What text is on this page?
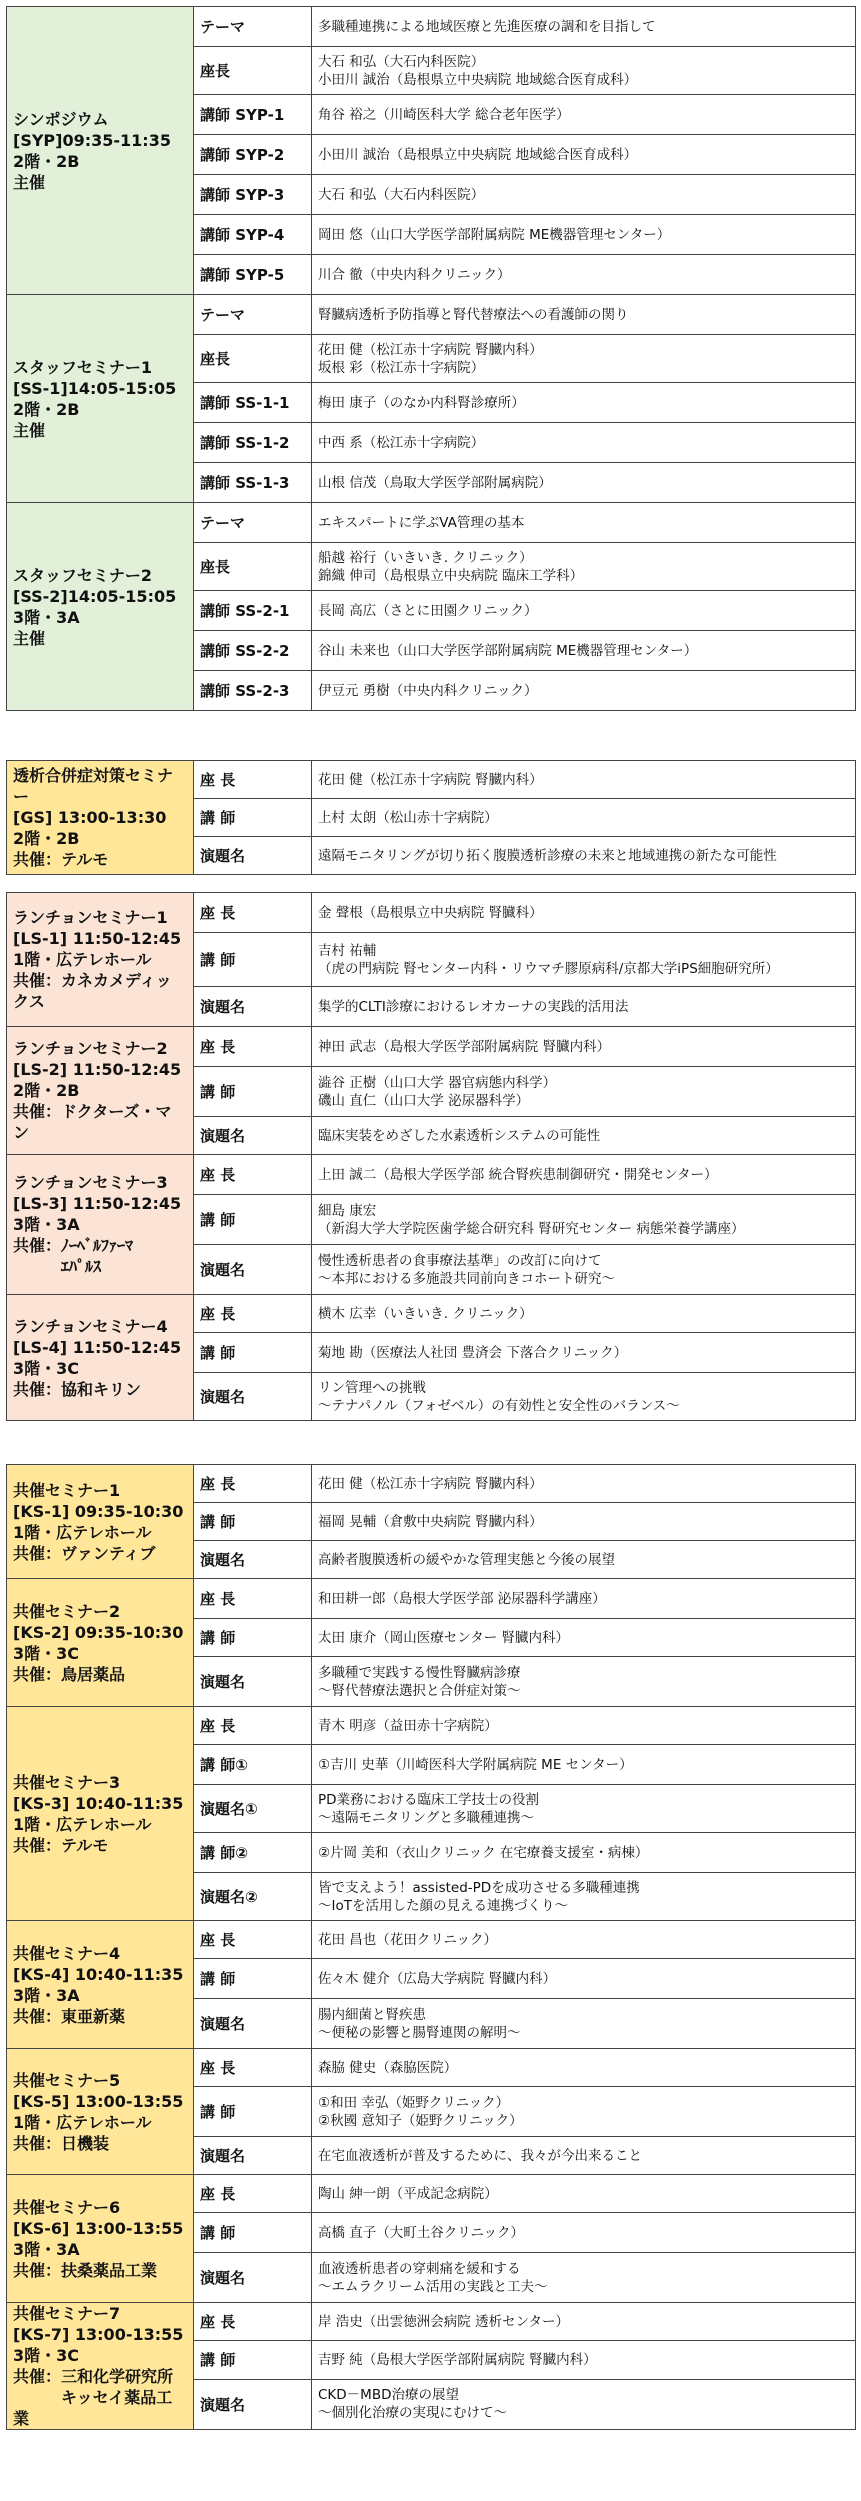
シンポジウム
[SYP]09:35-11:35
2階・2B
主催	テーマ	多職種連携による地域医療と先進医療の調和を目指して
	座長	大石 和弘（大石内科医院）
小田川 誠治（島根県立中央病院 地域総合医育成科）
	講師 SYP-1	角谷 裕之（川崎医科大学 総合老年医学）
	講師 SYP-2	小田川 誠治（島根県立中央病院 地域総合医育成科）
	講師 SYP-3	大石 和弘（大石内科医院）
	講師 SYP-4	岡田 悠（山口大学医学部附属病院 ME機器管理センター）
	講師 SYP-5	川合 徹（中央内科クリニック）
スタッフセミナー1
[SS-1]14:05-15:05
2階・2B
主催	テーマ	腎臓病透析予防指導と腎代替療法への看護師の関り
	座長	花田 健（松江赤十字病院 腎臓内科）
坂根 彩（松江赤十字病院）
	講師 SS-1-1	梅田 康子（のなか内科腎診療所）
	講師 SS-1-2	中西 系（松江赤十字病院）
	講師 SS-1-3	山根 信茂（鳥取大学医学部附属病院）
スタッフセミナー2
[SS-2]14:05-15:05
3階・3A
主催	テーマ	エキスパートに学ぶVA管理の基本
	座長	船越 裕行（いきいき. クリニック）
錦織 伸司（島根県立中央病院 臨床工学科）
	講師 SS-2-1	長岡 高広（さとに田園クリニック）
	講師 SS-2-2	谷山 未来也（山口大学医学部附属病院 ME機器管理センター）
	講師 SS-2-3	伊豆元 勇樹（中央内科クリニック）
透析合併症対策セミナー
[GS] 13:00-13:30
2階・2B
共催：テルモ	座 長	花田 健（松江赤十字病院 腎臓内科）
	講 師	上村 太朗（松山赤十字病院）
	演題名	遠隔モニタリングが切り拓く腹膜透析診療の未来と地域連携の新たな可能性
ランチョンセミナー1
[LS-1] 11:50-12:45
1階・広テレホール
共催：カネカメディックス	座 長	金 聲根（島根県立中央病院 腎臓科）
	講 師	吉村 祐輔
（虎の門病院 腎センター内科・リウマチ膠原病科/京都大学iPS細胞研究所）
	演題名	集学的CLTI診療におけるレオカーナの実践的活用法
ランチョンセミナー2
[LS-2] 11:50-12:45
2階・2B
共催：ドクターズ・マン	座 長	神田 武志（島根大学医学部附属病院 腎臓内科）
	講 師	澁谷 正樹（山口大学 器官病態内科学）
磯山 直仁（山口大学 泌尿器科学）
	演題名	臨床実装をめざした水素透析システムの可能性
ランチョンセミナー3
[LS-3] 11:50-12:45
3階・3A
共催：ﾉｰﾍﾞﾙﾌｧｰﾏ
　　　ｴﾊﾟﾙｽ	座 長	上田 誠二（島根大学医学部 統合腎疾患制御研究・開発センター）
	講 師	細島 康宏
（新潟大学大学院医歯学総合研究科 腎研究センター 病態栄養学講座）
	演題名	慢性透析患者の食事療法基準」の改訂に向けて
～本邦における多施設共同前向きコホート研究～
ランチョンセミナー4
[LS-4] 11:50-12:45
3階・3C
共催：協和キリン	座 長	横木 広幸（いきいき. クリニック）
	講 師	菊地 勘（医療法人社団 豊済会 下落合クリニック）
	演題名	リン管理への挑戦
～テナパノル（フォゼベル）の有効性と安全性のバランス～
共催セミナー1
[KS-1] 09:35-10:30
1階・広テレホール
共催：ヴァンティブ	座 長	花田 健（松江赤十字病院 腎臓内科）
	講 師	福岡 晃輔（倉敷中央病院 腎臓内科）
	演題名	高齢者腹膜透析の緩やかな管理実態と今後の展望
共催セミナー2
[KS-2] 09:35-10:30
3階・3C
共催：鳥居薬品	座 長	和田耕一郎（島根大学医学部 泌尿器科学講座）
	講 師	太田 康介（岡山医療センター 腎臓内科）
	演題名	多職種で実践する慢性腎臓病診療
～腎代替療法選択と合併症対策～
共催セミナー3
[KS-3] 10:40-11:35
1階・広テレホール
共催：テルモ	座 長	青木 明彦（益田赤十字病院）
	講 師①	①吉川 史華（川崎医科大学附属病院 ME センター）
	演題名①	PD業務における臨床工学技士の役割
～遠隔モニタリングと多職種連携～
	講 師②	②片岡 美和（衣山クリニック 在宅療養支援室・病棟）
	演題名②	皆で支えよう！assisted-PDを成功させる多職種連携
～IoTを活用した顔の見える連携づくり～
共催セミナー4
[KS-4] 10:40-11:35
3階・3A
共催：東亜新薬	座 長	花田 昌也（花田クリニック）
	講 師	佐々木 健介（広島大学病院 腎臓内科）
	演題名	腸内細菌と腎疾患
～便秘の影響と腸腎連関の解明～
共催セミナー5
[KS-5] 13:00-13:55
1階・広テレホール
共催：日機装	座 長	森脇 健史（森脇医院）
	講 師	①和田 幸弘（姫野クリニック）
②秋國 意知子（姫野クリニック）
	演題名	在宅血液透析が普及するために、我々が今出来ること
共催セミナー6
[KS-6] 13:00-13:55
3階・3A
共催：扶桑薬品工業	座 長	陶山 紳一朗（平成記念病院）
	講 師	高橋 直子（大町土谷クリニック）
	演題名	血液透析患者の穿刺痛を緩和する
～エムラクリーム活用の実践と工夫～
共催セミナー7
[KS-7] 13:00-13:55
3階・3C
共催：三和化学研究所
　　　キッセイ薬品工業	座 長	岸 浩史（出雲徳洲会病院 透析センター）
	講 師	吉野 純（島根大学医学部附属病院 腎臓内科）
	演題名	CKD－MBD治療の展望
～個別化治療の実現にむけて～
